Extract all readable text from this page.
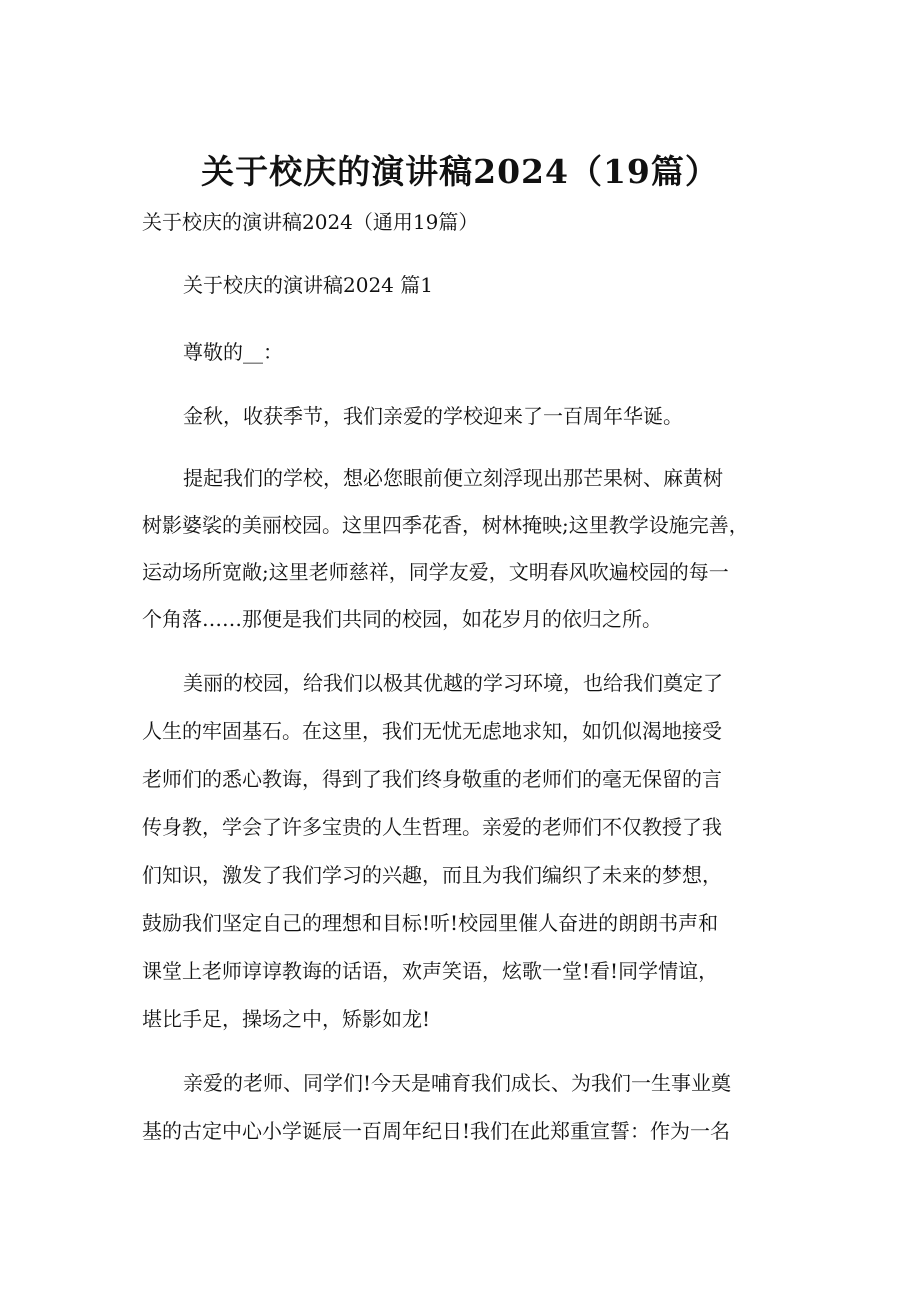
关于校庆的演讲稿2024（19篇）
关于校庆的演讲稿2024（通用19篇）
关于校庆的演讲稿2024 篇1
尊敬的__：
金秋，收获季节，我们亲爱的学校迎来了一百周年华诞。
提起我们的学校，想必您眼前便立刻浮现出那芒果树、麻黄树
树影婆裟的美丽校园。这里四季花香，树林掩映;这里教学设施完善，
运动场所宽敞;这里老师慈祥，同学友爱，文明春风吹遍校园的每一
个角落……那便是我们共同的校园，如花岁月的依归之所。
美丽的校园，给我们以极其优越的学习环境，也给我们奠定了
人生的牢固基石。在这里，我们无忧无虑地求知，如饥似渴地接受
老师们的悉心教诲，得到了我们终身敬重的老师们的毫无保留的言
传身教，学会了许多宝贵的人生哲理。亲爱的老师们不仅教授了我
们知识，激发了我们学习的兴趣，而且为我们编织了未来的梦想，
鼓励我们坚定自己的理想和目标!听!校园里催人奋进的朗朗书声和
课堂上老师谆谆教诲的话语，欢声笑语，炫歌一堂!看!同学情谊，
堪比手足，操场之中，矫影如龙!
亲爱的老师、同学们!今天是哺育我们成长、为我们一生事业奠
基的古定中心小学诞辰一百周年纪日!我们在此郑重宣誓：作为一名
